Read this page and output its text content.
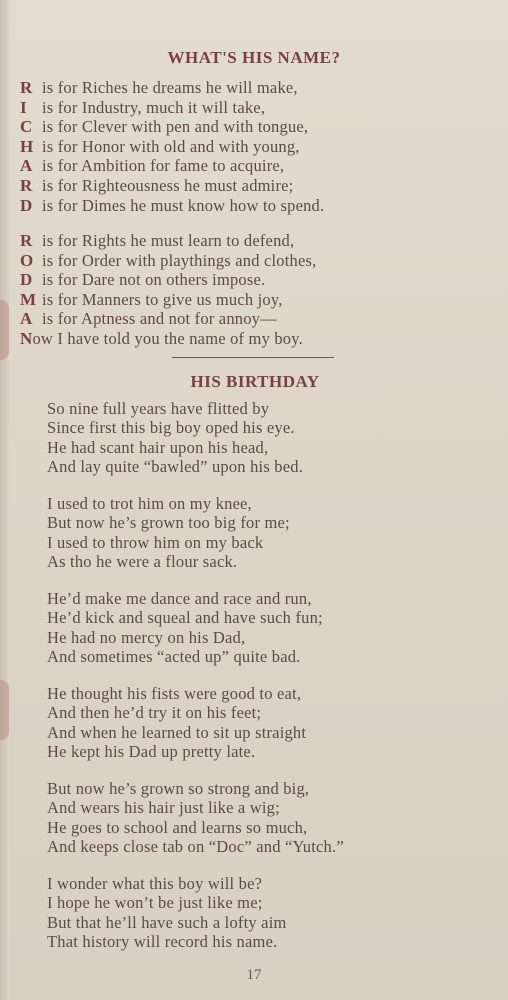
WHAT'S HIS NAME?
R is for Riches he dreams he will make,
I is for Industry, much it will take,
C is for Clever with pen and with tongue,
H is for Honor with old and with young,
A is for Ambition for fame to acquire,
R is for Righteousness he must admire;
D is for Dimes he must know how to spend.
R is for Rights he must learn to defend,
O is for Order with playthings and clothes,
D is for Dare not on others impose.
M is for Manners to give us much joy,
A is for Aptness and not for annoy—
Now I have told you the name of my boy.
HIS BIRTHDAY
So nine full years have flitted by
Since first this big boy oped his eye.
He had scant hair upon his head,
And lay quite “bawled” upon his bed.
I used to trot him on my knee,
But now he’s grown too big for me;
I used to throw him on my back
As tho he were a flour sack.
He’d make me dance and race and run,
He’d kick and squeal and have such fun;
He had no mercy on his Dad,
And sometimes “acted up” quite bad.
He thought his fists were good to eat,
And then he’d try it on his feet;
And when he learned to sit up straight
He kept his Dad up pretty late.
But now he’s grown so strong and big,
And wears his hair just like a wig;
He goes to school and learns so much,
And keeps close tab on “Doc” and “Yutch.”
I wonder what this boy will be?
I hope he won’t be just like me;
But that he’ll have such a lofty aim
That history will record his name.
17
